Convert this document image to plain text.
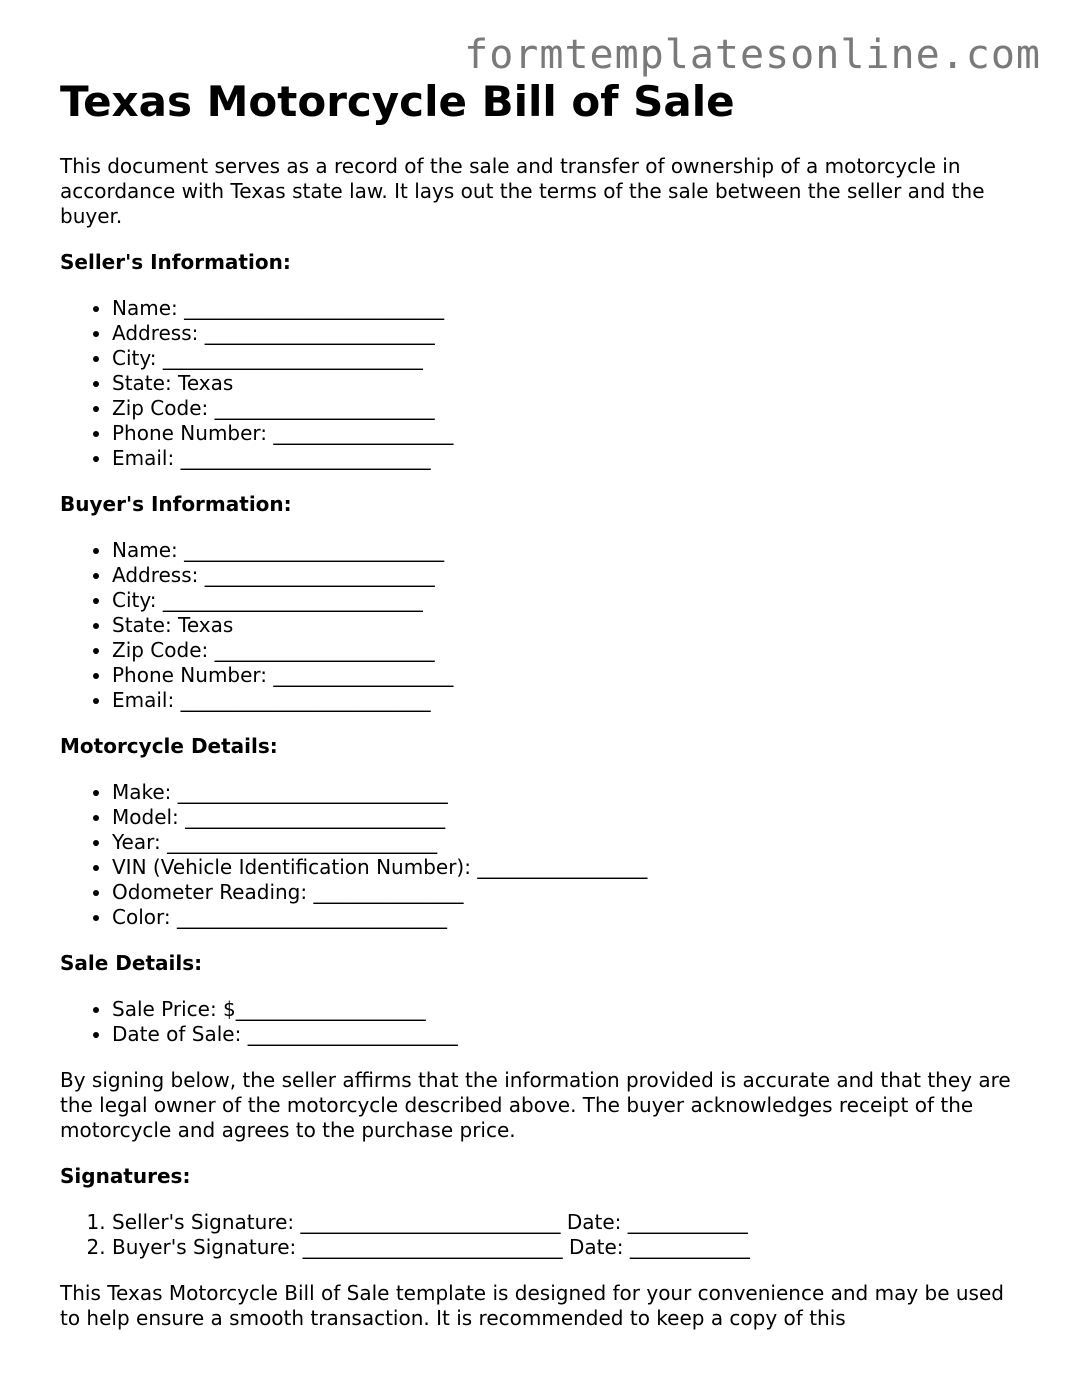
formtemplatesonline.com
Texas Motorcycle Bill of Sale

This document serves as a record of the sale and transfer of ownership of a motorcycle in accordance with Texas state law. It lays out the terms of the sale between the seller and the buyer.

Seller's Information:
• Name: __________________________
• Address: _______________________
• City: __________________________
• State: Texas
• Zip Code: ______________________
• Phone Number: __________________
• Email: _________________________
Buyer's Information:
• Name: __________________________
• Address: _______________________
• City: __________________________
• State: Texas
• Zip Code: ______________________
• Phone Number: __________________
• Email: _________________________
Motorcycle Details:
• Make: ___________________________
• Model: __________________________
• Year: ___________________________
• VIN (Vehicle Identification Number): _________________
• Odometer Reading: _______________
• Color: ___________________________
Sale Details:
• Sale Price: $___________________
• Date of Sale: _____________________

By signing below, the seller affirms that the information provided is accurate and that they are the legal owner of the motorcycle described above. The buyer acknowledges receipt of the motorcycle and agrees to the purchase price.

Signatures:
1. Seller's Signature: __________________________ Date: ____________
2. Buyer's Signature: __________________________ Date: ____________

This Texas Motorcycle Bill of Sale template is designed for your convenience and may be used to help ensure a smooth transaction. It is recommended to keep a copy of this
